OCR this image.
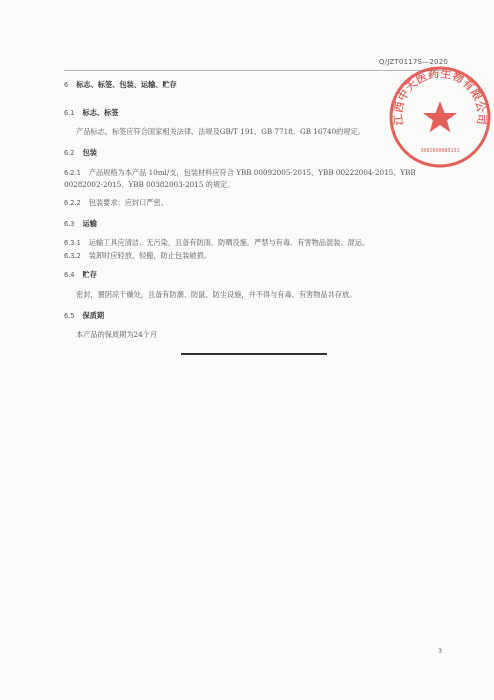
Q/JZT0117S—2020
6 标志、标签、包装、运输、贮存
6.1 标志、标签
产品标志、标签应符合国家相关法律、法规及GB/T 191、GB 7718、GB 16740的规定。
6.2 包装
6.2.1 产品规格为本产品 10ml/支，包装材料应符合 YBB 00092005-2015、YBB 00222004-2015、YBB
00282002-2015、YBB 00382003-2015 的规定。
6.2.2 包装要求：应封口严密。
6.3 运输
6.3.1 运输工具应清洁、无污染，且备有防雨、防晒设施，严禁与有毒、有害物品混装、混运。
6.3.2 装卸时应轻放、轻搬，防止包装破损。
6.4 贮存
密封，置阴凉干燥处，且备有防潮、防鼠、防尘设施，并不得与有毒、有害物品共存放。
6.5 保质期
本产品的保质期为24个月
江西中天医药生物有限公司
3601000085131
3
